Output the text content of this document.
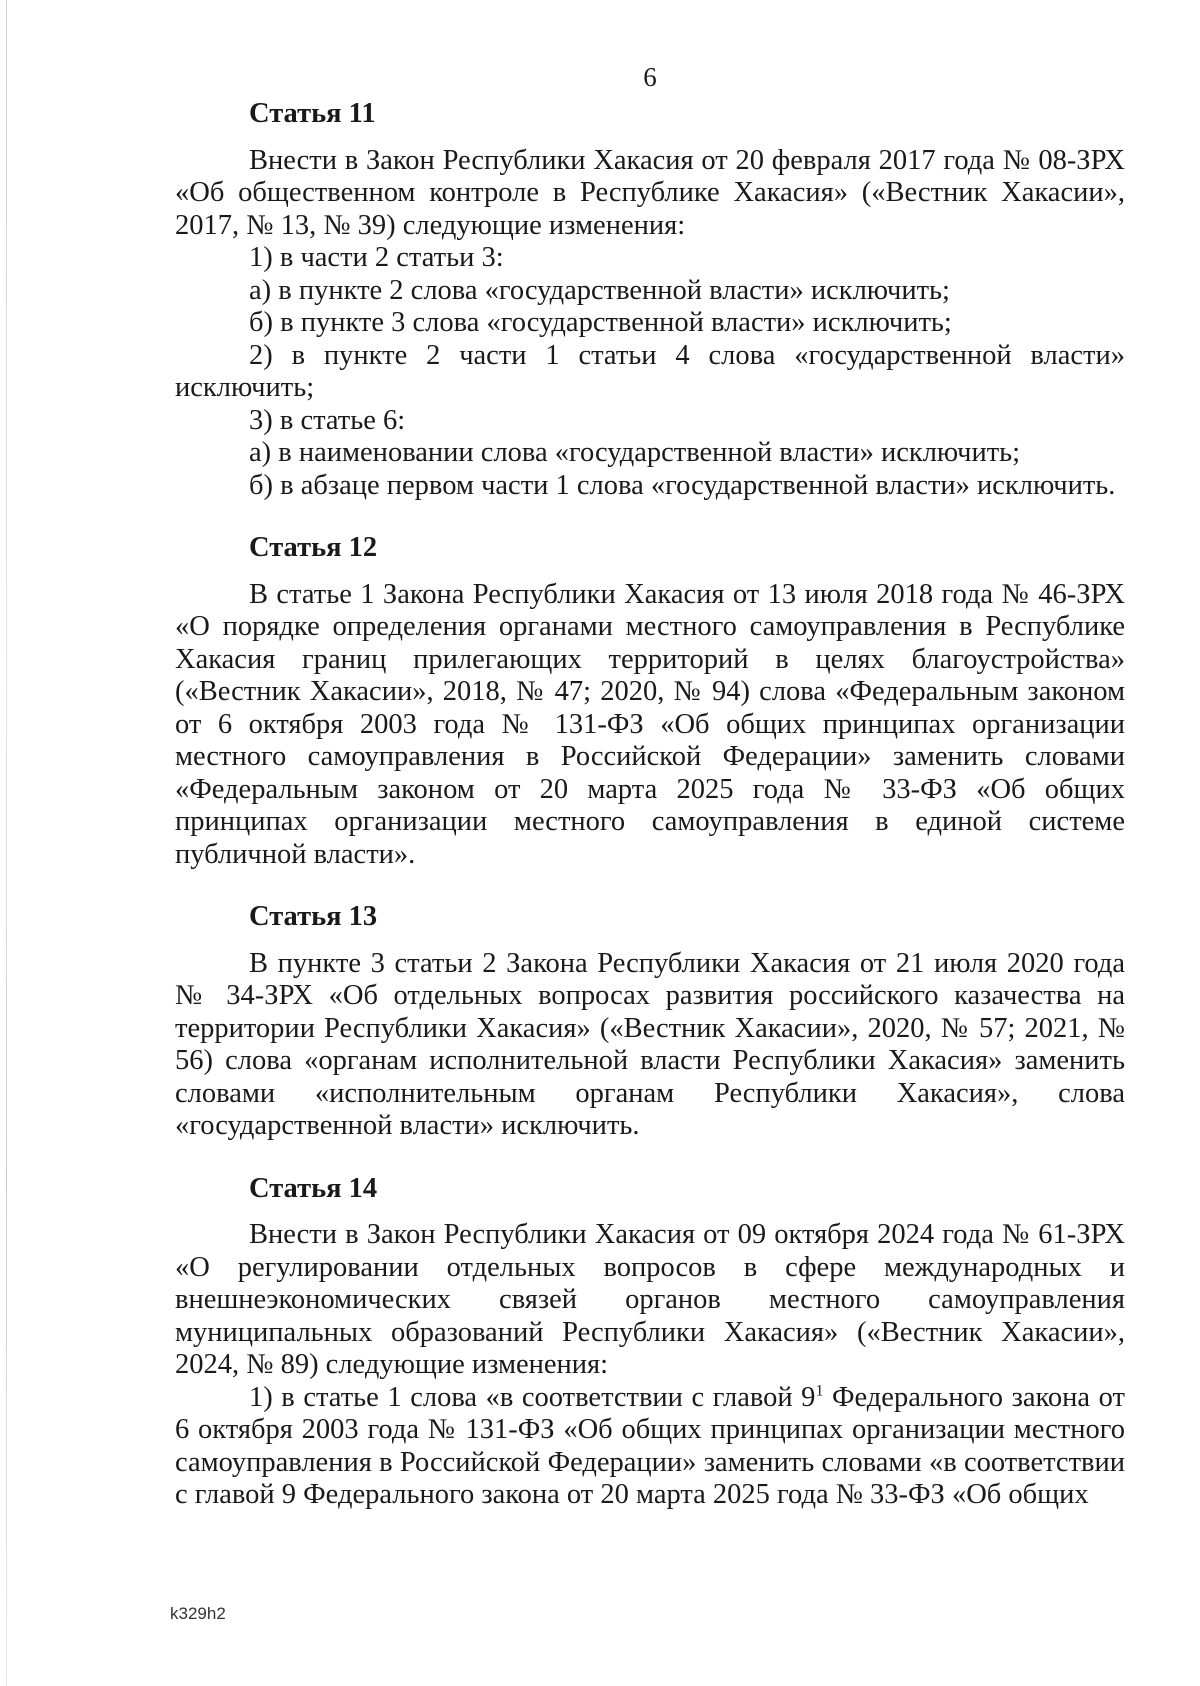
6

Статья 11

Внести в Закон Республики Хакасия от 20 февраля 2017 года № 08-ЗРХ «Об общественном контроле в Республике Хакасия» («Вестник Хакасии», 2017, № 13, № 39) следующие изменения:

1) в части 2 статьи 3:

а) в пункте 2 слова «государственной власти» исключить;

б) в пункте 3 слова «государственной власти» исключить;

2) в пункте 2 части 1 статьи 4 слова «государственной власти» исключить;

3) в статье 6:

а) в наименовании слова «государственной власти» исключить;

б) в абзаце первом части 1 слова «государственной власти» исключить.

Статья 12

В статье 1 Закона Республики Хакасия от 13 июля 2018 года № 46-ЗРХ «О порядке определения органами местного самоуправления в Республике Хакасия границ прилегающих территорий в целях благоустройства» («Вестник Хакасии», 2018, № 47; 2020, № 94) слова «Федеральным законом от 6 октября 2003 года № 131-ФЗ «Об общих принципах организации местного самоуправления в Российской Федерации» заменить словами «Федеральным законом от 20 марта 2025 года № 33-ФЗ «Об общих принципах организации местного самоуправления в единой системе публичной власти».

Статья 13

В пункте 3 статьи 2 Закона Республики Хакасия от 21 июля 2020 года № 34-ЗРХ «Об отдельных вопросах развития российского казачества на территории Республики Хакасия» («Вестник Хакасии», 2020, № 57; 2021, № 56) слова «органам исполнительной власти Республики Хакасия» заменить словами «исполнительным органам Республики Хакасия», слова «государственной власти» исключить.

Статья 14

Внести в Закон Республики Хакасия от 09 октября 2024 года № 61-ЗРХ «О регулировании отдельных вопросов в сфере международных и внешнеэкономических связей органов местного самоуправления муниципальных образований Республики Хакасия» («Вестник Хакасии», 2024, № 89) следующие изменения:

1) в статье 1 слова «в соответствии с главой $9^1$ Федерального закона от 6 октября 2003 года № 131-ФЗ «Об общих принципах организации местного самоуправления в Российской Федерации» заменить словами «в соответствии с главой 9 Федерального закона от 20 марта 2025 года № 33-ФЗ «Об общих

k329h2
